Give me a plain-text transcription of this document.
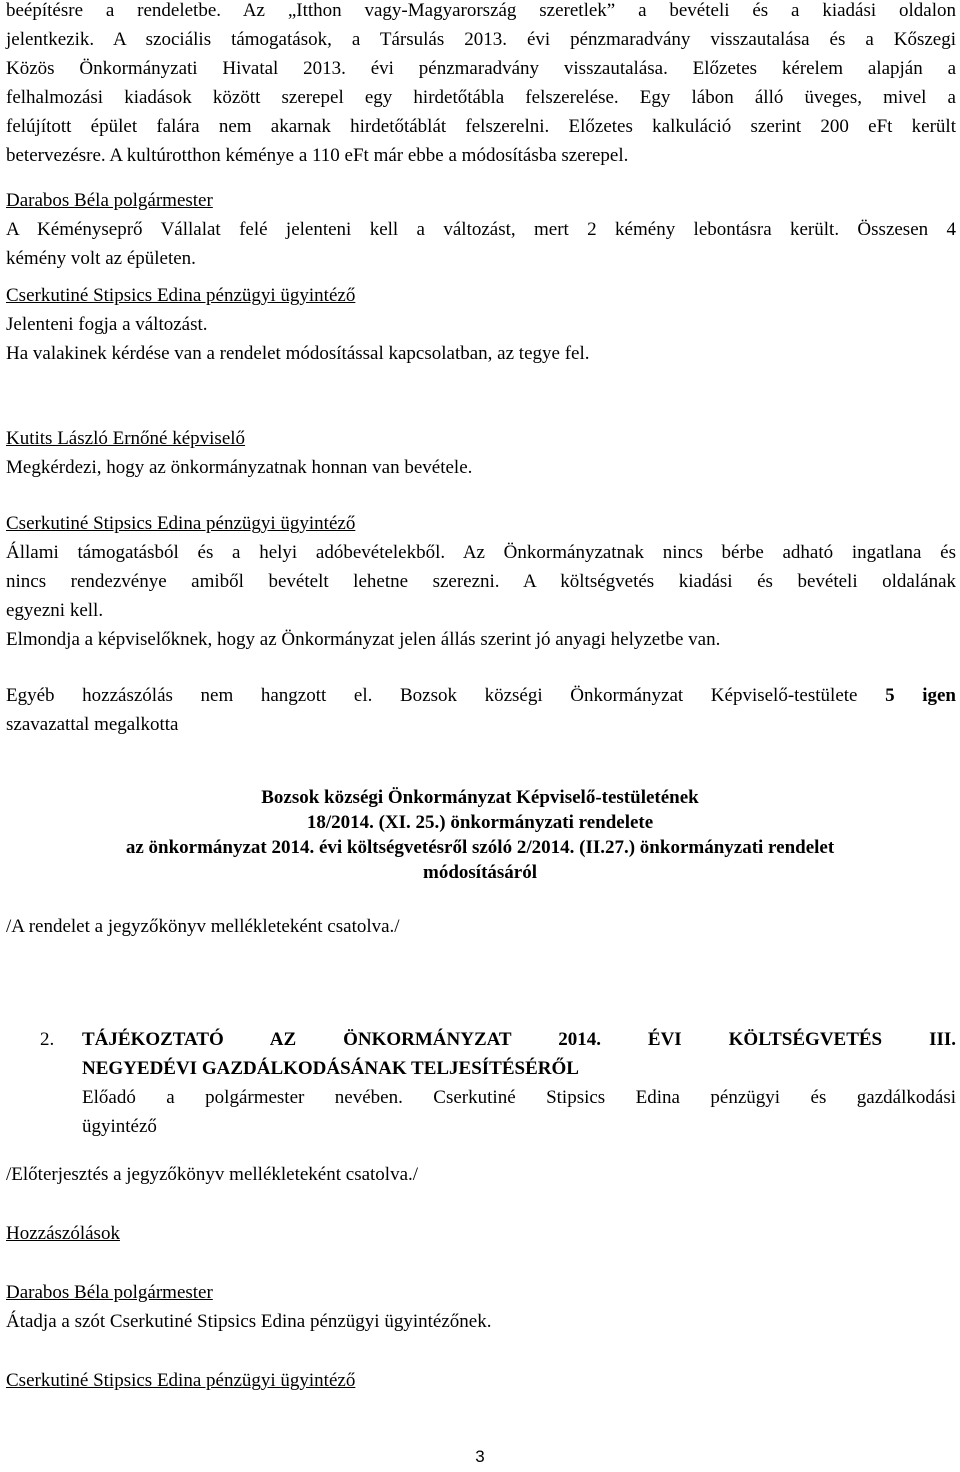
beépítésre a rendeletbe. Az „Itthon vagy-Magyarország szeretlek” a bevételi és a kiadási oldalon
jelentkezik. A szociális támogatások, a Társulás 2013. évi pénzmaradvány visszautalása és a Kőszegi
Közös Önkormányzati Hivatal 2013. évi pénzmaradvány visszautalása. Előzetes kérelem alapján a
felhalmozási kiadások között szerepel egy hirdetőtábla felszerelése. Egy lábon álló üveges, mivel a
felújított épület falára nem akarnak hirdetőtáblát felszerelni. Előzetes kalkuláció szerint 200 eFt került
betervezésre. A kultúrotthon kéménye a 110 eFt már ebbe a módosításba szerepel.
Darabos Béla polgármester
A Kéményseprő Vállalat felé jelenteni kell a változást, mert 2 kémény lebontásra került. Összesen 4
kémény volt az épületen.
Cserkutiné Stipsics Edina pénzügyi ügyintéző
Jelenteni fogja a változást.
Ha valakinek kérdése van a rendelet módosítással kapcsolatban, az tegye fel.
Kutits László Ernőné képviselő
Megkérdezi, hogy az önkormányzatnak honnan van bevétele.
Cserkutiné Stipsics Edina pénzügyi ügyintéző
Állami támogatásból és a helyi adóbevételekből. Az Önkormányzatnak nincs bérbe adható ingatlana és
nincs rendezvénye amiből bevételt lehetne szerezni. A költségvetés kiadási és bevételi oldalának
egyezni kell.
Elmondja a képviselőknek, hogy az Önkormányzat jelen állás szerint jó anyagi helyzetbe van.
Egyéb hozzászólás nem hangzott el. Bozsok községi Önkormányzat Képviselő-testülete 5 igen
szavazattal megalkotta
Bozsok községi Önkormányzat Képviselő-testületének
18/2014. (XI. 25.) önkormányzati rendelete
az önkormányzat 2014. évi költségvetésről szóló 2/2014. (II.27.) önkormányzati rendelet
módosításáról
/A rendelet a jegyzőkönyv mellékleteként csatolva./
2. TÁJÉKOZTATÓ AZ ÖNKORMÁNYZAT 2014. ÉVI KÖLTSÉGVETÉS III.
NEGYEDÉVI GAZDÁLKODÁSÁNAK TELJESÍTÉSÉRŐL
Előadó a polgármester nevében. Cserkutiné Stipsics Edina pénzügyi és gazdálkodási
ügyintéző
/Előterjesztés a jegyzőkönyv mellékleteként csatolva./
Hozzászólások
Darabos Béla polgármester
Átadja a szót Cserkutiné Stipsics Edina pénzügyi ügyintézőnek.
Cserkutiné Stipsics Edina pénzügyi ügyintéző
3
